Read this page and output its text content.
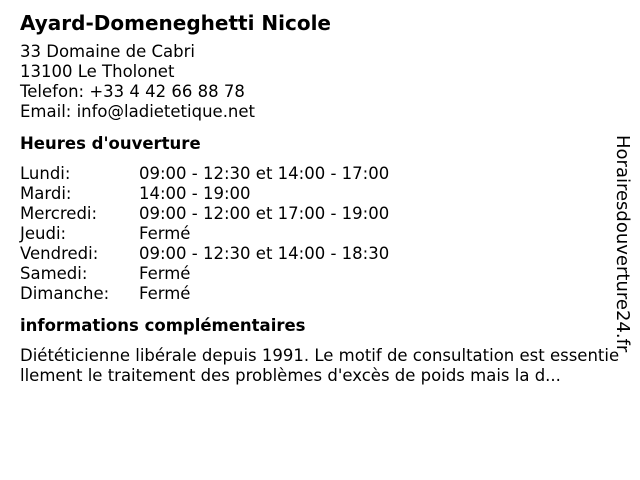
Ayard-Domeneghetti Nicole
33 Domaine de Cabri
13100 Le Tholonet
Telefon: +33 4 42 66 88 78
Email: info@ladietetique.net
Heures d'ouverture
Lundi:	09:00 - 12:30 et 14:00 - 17:00
Mardi:	14:00 - 19:00
Mercredi:	09:00 - 12:00 et 17:00 - 19:00
Jeudi:	Fermé
Vendredi:	09:00 - 12:30 et 14:00 - 18:30
Samedi:	Fermé
Dimanche:	Fermé
informations complémentaires
Diététicienne libérale depuis 1991. Le motif de consultation est essentiellement le traitement des problèmes d'excès de poids mais la d...
Horairesdouverture24.fr
